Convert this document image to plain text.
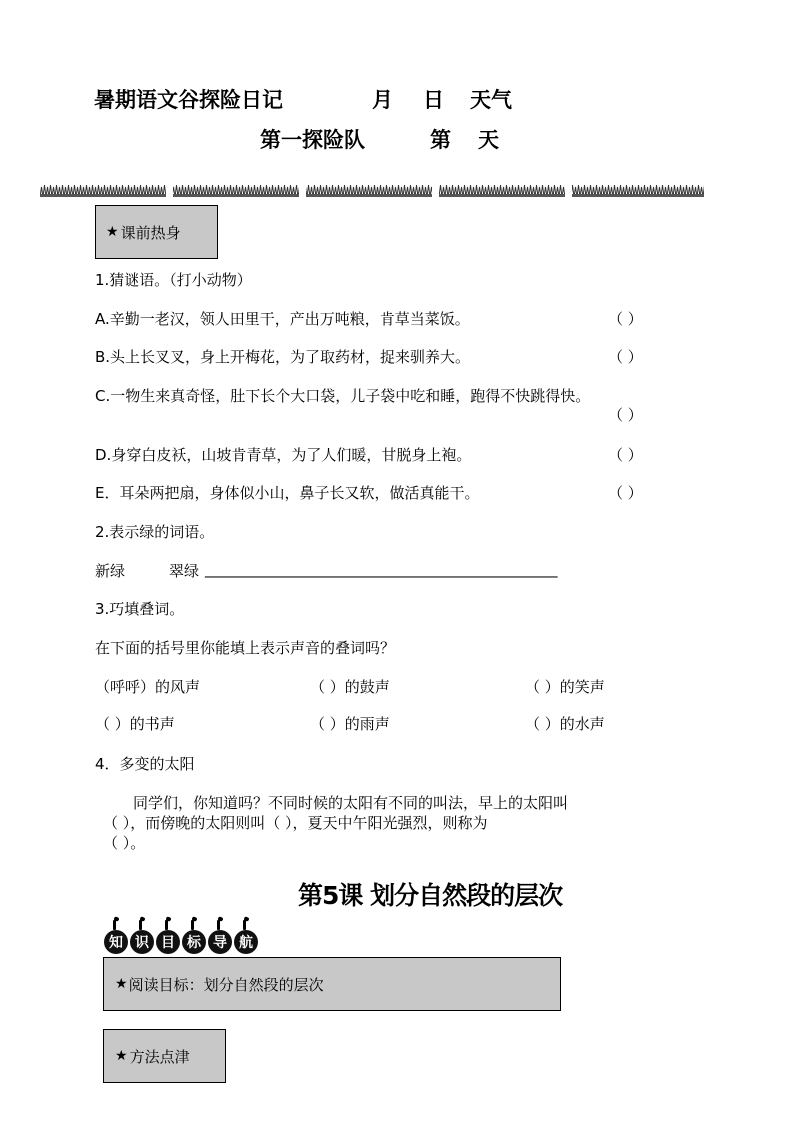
暑期语文谷探险日记	月 日 天气
第一探险队	第 天
★ 课前热身
1.猜谜语。（打小动物）
A.辛勤一老汉，领人田里干，产出万吨粮，肯草当菜饭。	（ ）
B.头上长叉叉，身上开梅花，为了取药材，捉来驯养大。	（ ）
C.一物生来真奇怪，肚下长个大口袋，儿子袋中吃和睡，跑得不快跳得快。
（ ）
D.身穿白皮袄，山坡肯青草，为了人们暖，甘脱身上袍。	（ ）
E．耳朵两把扇，身体似小山，鼻子长又软，做活真能干。	（ ）
2.表示绿的词语。
新绿	翠绿 _______________________________________________
3.巧填叠词。
在下面的括号里你能填上表示声音的叠词吗？
（呼呼）的风声	（ ）的鼓声	（ ）的笑声
（ ）的书声	（ ）的雨声	（ ）的水声
4．多变的太阳
同学们，你知道吗？不同时候的太阳有不同的叫法，早上的太阳叫
（ ），而傍晚的太阳则叫（ ），夏天中午阳光强烈，则称为
（ ）。
第5课 划分自然段的层次
知 识 目 标 导 航
★ 阅读目标：划分自然段的层次
★ 方法点津
